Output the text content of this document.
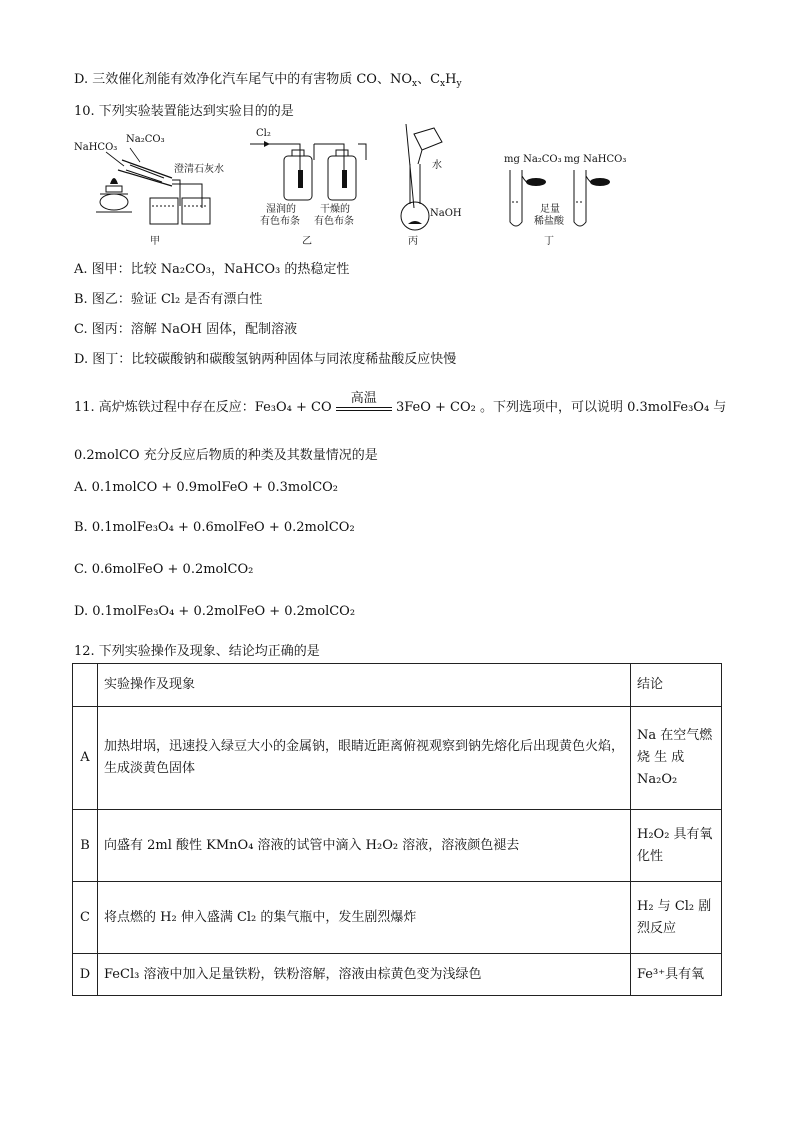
D. 三效催化剂能有效净化汽车尾气中的有害物质 CO、$NO_x$、$C_xH_y$
10. 下列实验装置能达到实验目的的是
NaHCO₃
Na₂CO₃
澄清石灰水
甲
Cl₂
湿润的
有色布条
干燥的
有色布条
乙
水
NaOH
丙
mg Na₂CO₃ mg NaHCO₃
足量
稀盐酸
丁
A. 图甲：比较 Na₂CO₃，NaHCO₃ 的热稳定性
B. 图乙：验证 Cl₂ 是否有漂白性
C. 图丙：溶解 NaOH 固体，配制溶液
D. 图丁：比较碳酸钠和碳酸氢钠两种固体与同浓度稀盐酸反应快慢
11. 高炉炼铁过程中存在反应：Fe₃O₄ + CO
高温
3FeO + CO₂ 。下列选项中，可以说明 0.3molFe₃O₄ 与
0.2molCO 充分反应后物质的种类及其数量情况的是
A. 0.1molCO + 0.9molFeO + 0.3molCO₂
B. 0.1molFe₃O₄ + 0.6molFeO + 0.2molCO₂
C. 0.6molFeO + 0.2molCO₂
D. 0.1molFe₃O₄ + 0.2molFeO + 0.2molCO₂
12. 下列实验操作及现象、结论均正确的是
	实验操作及现象	结论
A	加热坩埚，迅速投入绿豆大小的金属钠，眼睛近距离俯视观察到钠先熔化后出现黄色火焰，生成淡黄色固体	Na 在空气燃烧 生 成 Na₂O₂
B	向盛有 2ml 酸性 KMnO₄ 溶液的试管中滴入 H₂O₂ 溶液，溶液颜色褪去	H₂O₂ 具有氧化性
C	将点燃的 H₂ 伸入盛满 Cl₂ 的集气瓶中，发生剧烈爆炸	H₂ 与 Cl₂ 剧烈反应
D	FeCl₃ 溶液中加入足量铁粉，铁粉溶解，溶液由棕黄色变为浅绿色	Fe³⁺具有氧
